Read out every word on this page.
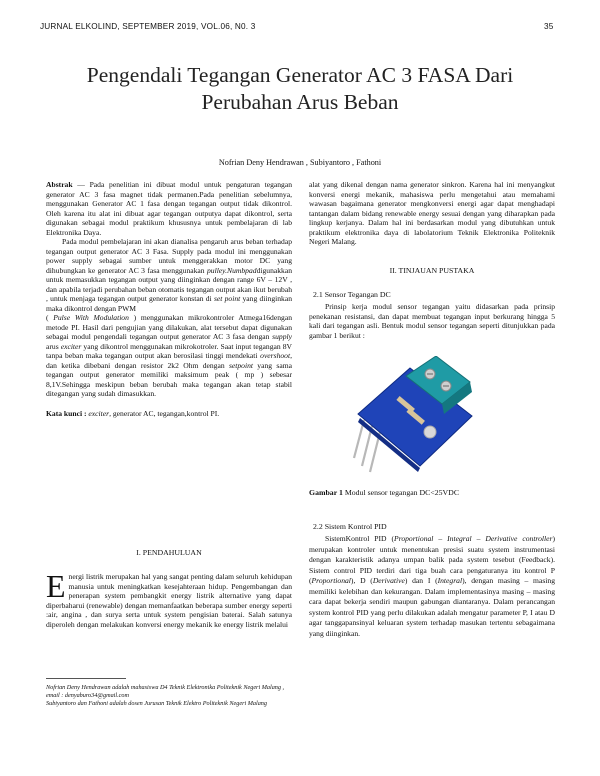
JURNAL ELKOLIND, SEPTEMBER 2019, VOL.06, N0. 3	35
Pengendali Tegangan Generator AC 3 FASA Dari
Perubahan Arus Beban
Nofrian Deny Hendrawan , Subiyantoro , Fathoni

Abstrak — Pada penelitian ini dibuat modul untuk pengaturan tegangan generator AC 3 fasa magnet tidak permanen.Pada penelitian sebelumnya, menggunakan Generator AC 1 fasa dengan tegangan output tidak dikontrol. Oleh karena itu alat ini dibuat agar tegangan outputya dapat dikontrol, serta digunakan sebagai modul praktikum khususnya untuk pembelajaran di lab Elektronika Daya.

Pada modul pembelajaran ini akan dianalisa pengaruh arus beban terhadap tegangan output generator AC 3 Fasa. Supply pada modul ini menggunakan power supply sebagai sumber untuk menggerakkan motor DC yang dihubungkan ke generator AC 3 fasa menggunakan pulley.Numbpaddigunakkan untuk memasukkan tegangan output yang diinginkan dengan range 6V – 12V , dan apabila terjadi perubahan beban otomatis tegangan output akan ikut berubah , untuk menjaga tegangan output generator konstan di set point yang diinginkan maka dikontrol dengan PWM

( Pulse With Modulation ) menggunakan mikrokontroler Atmega16dengan metode PI. Hasil dari pengujian yang dilakukan, alat tersebut dapat digunakan sebagai modul pengendali tegangan output generator AC 3 fasa dengan supply arus exciter yang dikontrol menggunakan mikrokotroler. Saat input tegangan 8V tanpa beban maka tegangan output akan berosilasi tinggi mendekati overshoot, dan ketika dibebani dengan resistor 2k2 Ohm dengan setpoint yang sama tegangan output generator memiliki maksimum peak ( mp ) sebesar 8,1V.Sehingga meskipun beban berubah maka tegangan akan tetap stabil ditegangan yang sudah dimasukkan.

Kata kunci : exciter, generator AC, tegangan,kontrol PI.

I. PENDAHULUAN

Energi listrik merupakan hal yang sangat penting dalam seluruh kehidupan manusia untuk meningkatkan kesejahteraan hidup. Pengembangan dan penerapan system pembangkit energy listrik alternative yang dapat diperbaharui (renewable) dengan memanfaatkan beberapa sumber energy seperti :air, angina , dan surya serta untuk system pengisian baterai. Salah satunya diperoleh dengan melakukan konversi energy mekanik ke energy listrik melalui

Nofrian Deny Hendrawan adalah mahasiswa D4 Teknik Elektronika Politeknik Negeri Malang , email : denyaburo34@gmail.com
Subiyantoro dan Fathoni adalah dosen Jurusan Teknik Elektro Politeknik Negeri Malang
alat yang dikenal dengan nama generator sinkron. Karena hal ini menyangkut konversi energi mekanik, mahasiswa perlu mengetahui atau memahami wawasan bagaimana generator mengkonversi energi agar dapat menghadapi tantangan dalam bidang renewable energy sesuai dengan yang diharapkan pada lingkup kerjanya. Dalam hal ini berdasarkan modul yang dibutuhkan untuk praktikum elektronika daya di labolatorium Teknik Elektronika Politeknik Negeri Malang.
II. TINJAUAN PUSTAKA
2.1 Sensor Tegangan DC

Prinsip kerja modul sensor tegangan yaitu didasarkan pada prinsip penekanan resistansi, dan dapat membuat tegangan input berkurang hingga 5 kali dari tegangan asli. Bentuk modul sensor tegangan seperti ditunjukkan pada gambar 1 berikut :

Gambar 1 Modul sensor tegangan DC<25VDC
2.2 Sistem Kontrol PID

SistemKontrol PID (Proportional – Integral – Derivative controller) merupakan kontroler untuk menentukan presisi suatu system instrumentasi dengan karakteristik adanya umpan balik pada system tesebut (Feedback). Sistem control PID terdiri dari tiga buah cara pengaturanya itu kontrol P (Proportional), D (Derivative) dan I (Integral), dengan masing – masing memiliki kelebihan dan kekurangan. Dalam implementasinya masing – masing cara dapat bekerja sendiri maupun gabungan diantaranya. Dalam perancangan system kontrol PID yang perlu dilakukan adalah mengatur parameter P, I atau D agar tanggapansinyal keluaran system terhadap masukan tertentu sebagaimana yang diinginkan.
